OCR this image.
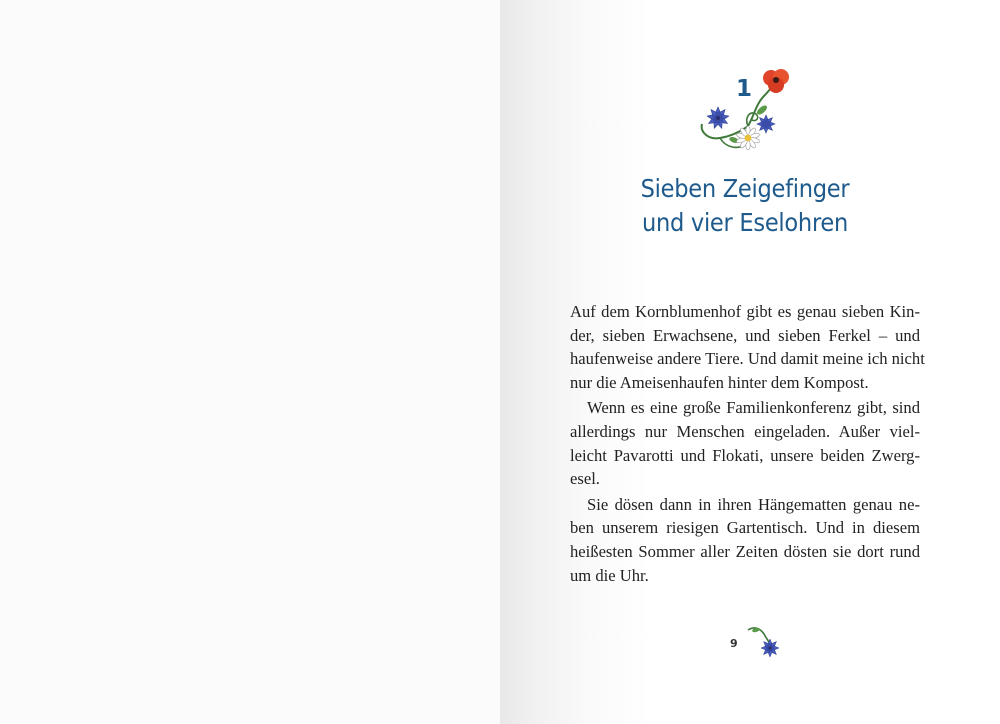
1
Sieben Zeigefinger
und vier Eselohren
Auf dem Kornblumenhof gibt es genau sieben Kin-
der, sieben Erwachsene, und sieben Ferkel – und
haufenweise andere Tiere. Und damit meine ich nicht
nur die Ameisenhaufen hinter dem Kompost.
Wenn es eine große Familienkonferenz gibt, sind
allerdings nur Menschen eingeladen. Außer viel-
leicht Pavarotti und Flokati, unsere beiden Zwerg-
esel.
Sie dösen dann in ihren Hängematten genau ne-
ben unserem riesigen Gartentisch. Und in diesem
heißesten Sommer aller Zeiten dösten sie dort rund
um die Uhr.
9
